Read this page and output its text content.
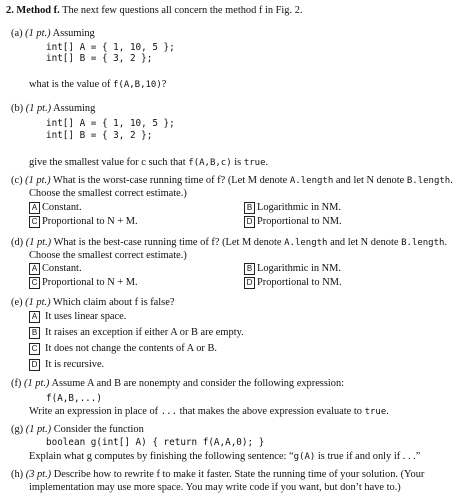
2. Method f. The next few questions all concern the method f in Fig. 2.
(a) (1 pt.) Assuming
int[] A = { 1, 10, 5 };
int[] B = { 3, 2 };
what is the value of f(A,B,10)?
(b) (1 pt.) Assuming
int[] A = { 1, 10, 5 };
int[] B = { 3, 2 };
give the smallest value for c such that f(A,B,c) is true.
(c) (1 pt.) What is the worst-case running time of f? (Let M denote A.length and let N denote B.length.
Choose the smallest correct estimate.)
A Constant.	B Logarithmic in NM.
C Proportional to N + M.	D Proportional to NM.
(d) (1 pt.) What is the best-case running time of f? (Let M denote A.length and let N denote B.length.
Choose the smallest correct estimate.)
A Constant.	B Logarithmic in NM.
C Proportional to N + M.	D Proportional to NM.
(e) (1 pt.) Which claim about f is false?
A It uses linear space.
B It raises an exception if either A or B are empty.
C It does not change the contents of A or B.
D It is recursive.
(f) (1 pt.) Assume A and B are nonempty and consider the following expression:
f(A,B,...)
Write an expression in place of ... that makes the above expression evaluate to true.
(g) (1 pt.) Consider the function
boolean g(int[] A) { return f(A,A,0); }
Explain what g computes by finishing the following sentence: “g(A) is true if and only if . . .”
(h) (3 pt.) Describe how to rewrite f to make it faster. State the running time of your solution. (Your
implementation may use more space. You may write code if you want, but don’t have to.)
